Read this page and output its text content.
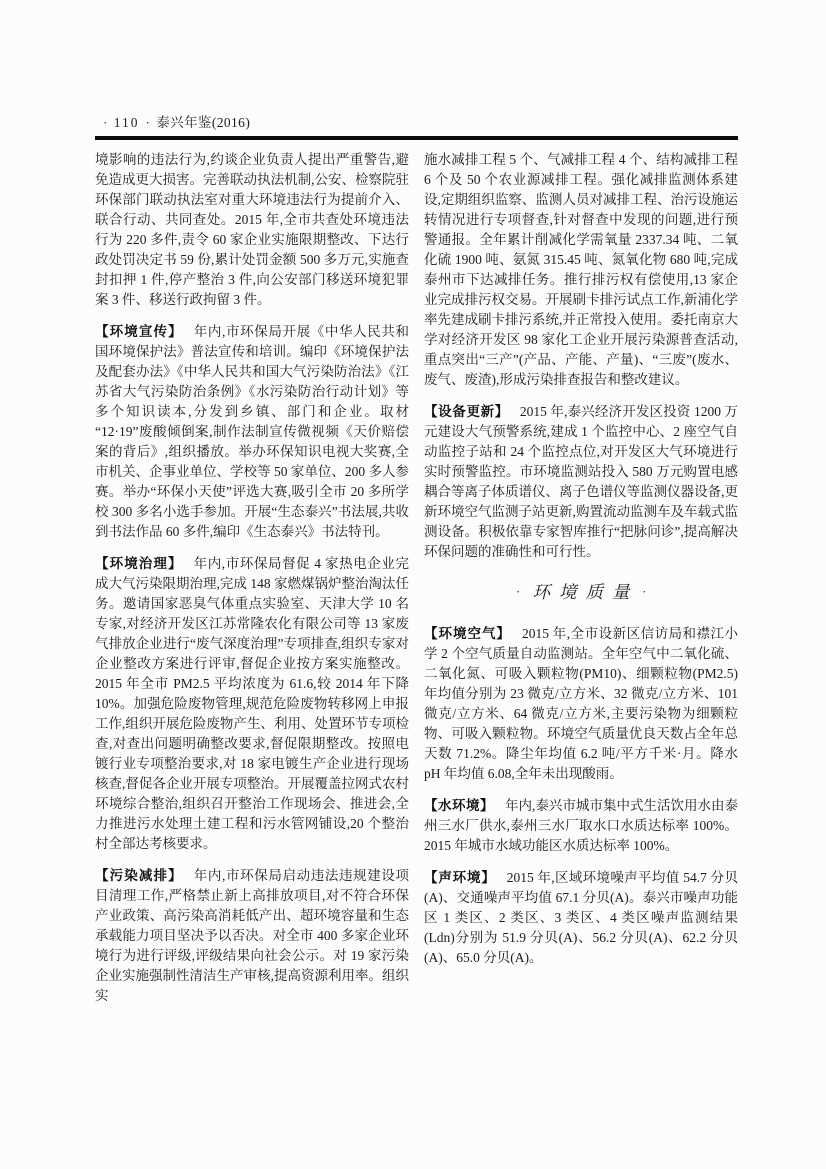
· 110 · 泰兴年鉴(2016)

境影响的违法行为,约谈企业负责人提出严重警告,避免造成更大损害。完善联动执法机制,公安、检察院驻环保部门联动执法室对重大环境违法行为提前介入、联合行动、共同查处。2015 年,全市共查处环境违法行为 220 多件,责令 60 家企业实施限期整改、下达行政处罚决定书 59 份,累计处罚金额 500 多万元,实施查封扣押 1 件,停产整治 3 件,向公安部门移送环境犯罪案 3 件、移送行政拘留 3 件。

【环境宣传】 年内,市环保局开展《中华人民共和国环境保护法》普法宣传和培训。编印《环境保护法及配套办法》《中华人民共和国大气污染防治法》《江苏省大气污染防治条例》《水污染防治行动计划》等多个知识读本,分发到乡镇、部门和企业。取材“12·19”废酸倾倒案,制作法制宣传微视频《天价赔偿案的背后》,组织播放。举办环保知识电视大奖赛,全市机关、企事业单位、学校等 50 家单位、200 多人参赛。举办“环保小天使”评选大赛,吸引全市 20 多所学校 300 多名小选手参加。开展“生态泰兴”书法展,共收到书法作品 60 多件,编印《生态泰兴》书法特刊。

【环境治理】 年内,市环保局督促 4 家热电企业完成大气污染限期治理,完成 148 家燃煤锅炉整治淘汰任务。邀请国家恶臭气体重点实验室、天津大学 10 名专家,对经济开发区江苏常隆农化有限公司等 13 家废气排放企业进行“废气深度治理”专项排查,组织专家对企业整改方案进行评审,督促企业按方案实施整改。2015 年全市 PM2.5 平均浓度为 61.6,较 2014 年下降 10%。加强危险废物管理,规范危险废物转移网上申报工作,组织开展危险废物产生、利用、处置环节专项检查,对查出问题明确整改要求,督促限期整改。按照电镀行业专项整治要求,对 18 家电镀生产企业进行现场核查,督促各企业开展专项整治。开展覆盖拉网式农村环境综合整治,组织召开整治工作现场会、推进会,全力推进污水处理土建工程和污水管网铺设,20 个整治村全部达考核要求。

【污染减排】 年内,市环保局启动违法违规建设项目清理工作,严格禁止新上高排放项目,对不符合环保产业政策、高污染高消耗低产出、超环境容量和生态承载能力项目坚决予以否决。对全市 400 多家企业环境行为进行评级,评级结果向社会公示。对 19 家污染企业实施强制性清洁生产审核,提高资源利用率。组织实

施水减排工程 5 个、气减排工程 4 个、结构减排工程 6 个及 50 个农业源减排工程。强化减排监测体系建设,定期组织监察、监测人员对减排工程、治污设施运转情况进行专项督查,针对督查中发现的问题,进行预警通报。全年累计削减化学需氧量 2337.34 吨、二氧化硫 1900 吨、氨氮 315.45 吨、氮氧化物 680 吨,完成泰州市下达减排任务。推行排污权有偿使用,13 家企业完成排污权交易。开展刷卡排污试点工作,新浦化学率先建成刷卡排污系统,并正常投入使用。委托南京大学对经济开发区 98 家化工企业开展污染源普查活动,重点突出“三产”(产品、产能、产量)、“三废”(废水、废气、废渣),形成污染排查报告和整改建议。

【设备更新】 2015 年,泰兴经济开发区投资 1200 万元建设大气预警系统,建成 1 个监控中心、2 座空气自动监控子站和 24 个监控点位,对开发区大气环境进行实时预警监控。市环境监测站投入 580 万元购置电感耦合等离子体质谱仪、离子色谱仪等监测仪器设备,更新环境空气监测子站更新,购置流动监测车及车载式监测设备。积极依靠专家智库推行“把脉问诊”,提高解决环保问题的准确性和可行性。

· 环境质量 ·

【环境空气】 2015 年,全市设新区信访局和襟江小学 2 个空气质量自动监测站。全年空气中二氧化硫、二氧化氮、可吸入颗粒物(PM10)、细颗粒物(PM2.5)年均值分别为 23 微克/立方米、32 微克/立方米、101 微克/立方米、64 微克/立方米,主要污染物为细颗粒物、可吸入颗粒物。环境空气质量优良天数占全年总天数 71.2%。降尘年均值 6.2 吨/平方千米·月。降水 pH 年均值 6.08,全年未出现酸雨。

【水环境】 年内,泰兴市城市集中式生活饮用水由泰州三水厂供水,泰州三水厂取水口水质达标率 100%。2015 年城市水域功能区水质达标率 100%。

【声环境】 2015 年,区域环境噪声平均值 54.7 分贝(A)、交通噪声平均值 67.1 分贝(A)。泰兴市噪声功能区 1 类区、2 类区、3 类区、4 类区噪声监测结果(Ldn)分别为 51.9 分贝(A)、56.2 分贝(A)、62.2 分贝(A)、65.0 分贝(A)。
